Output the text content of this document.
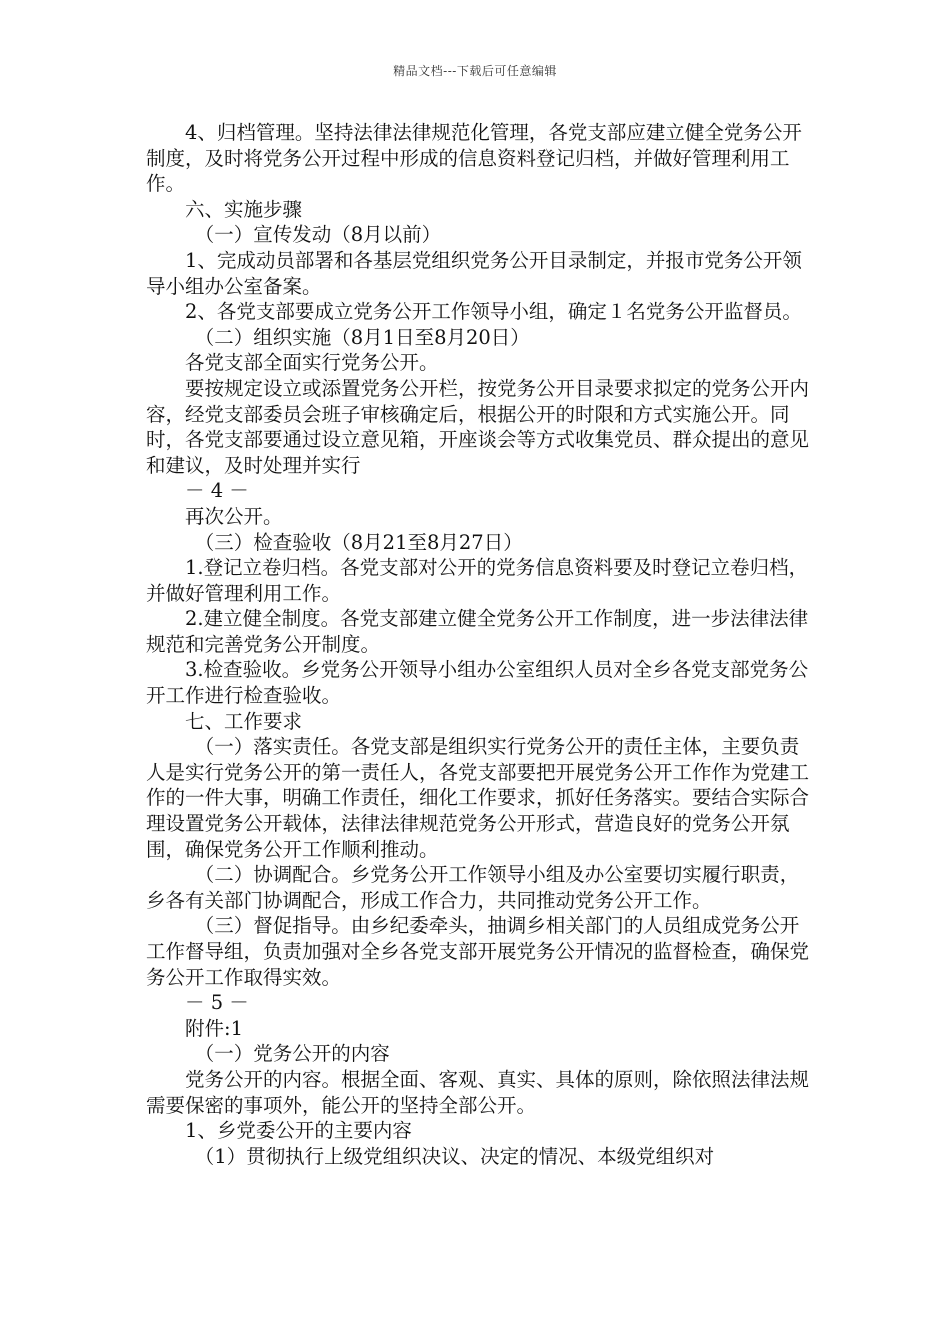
精品文档---下载后可任意编辑

4、归档管理。坚持法律法律规范化管理，各党支部应建立健全党务公开制度，及时将党务公开过程中形成的信息资料登记归档，并做好管理利用工作。

六、实施步骤

（一）宣传发动（8月以前）

1、完成动员部署和各基层党组织党务公开目录制定，并报市党务公开领导小组办公室备案。

2、各党支部要成立党务公开工作领导小组，确定１名党务公开监督员。

（二）组织实施（8月1日至8月20日）

各党支部全面实行党务公开。

要按规定设立或添置党务公开栏，按党务公开目录要求拟定的党务公开内容，经党支部委员会班子审核确定后，根据公开的时限和方式实施公开。同时，各党支部要通过设立意见箱，开座谈会等方式收集党员、群众提出的意见和建议，及时处理并实行

－ 4 －

再次公开。

（三）检查验收（8月21至8月27日）

1.登记立卷归档。各党支部对公开的党务信息资料要及时登记立卷归档，并做好管理利用工作。

2.建立健全制度。各党支部建立健全党务公开工作制度，进一步法律法律规范和完善党务公开制度。

3.检查验收。乡党务公开领导小组办公室组织人员对全乡各党支部党务公开工作进行检查验收。

七、工作要求

（一）落实责任。各党支部是组织实行党务公开的责任主体，主要负责人是实行党务公开的第一责任人，各党支部要把开展党务公开工作作为党建工作的一件大事，明确工作责任，细化工作要求，抓好任务落实。要结合实际合理设置党务公开载体，法律法律规范党务公开形式，营造良好的党务公开氛围，确保党务公开工作顺利推动。

（二）协调配合。乡党务公开工作领导小组及办公室要切实履行职责，乡各有关部门协调配合，形成工作合力，共同推动党务公开工作。

（三）督促指导。由乡纪委牵头，抽调乡相关部门的人员组成党务公开工作督导组，负责加强对全乡各党支部开展党务公开情况的监督检查，确保党务公开工作取得实效。

－ 5 －

附件:1

（一）党务公开的内容

党务公开的内容。根据全面、客观、真实、具体的原则，除依照法律法规需要保密的事项外，能公开的坚持全部公开。

1、乡党委公开的主要内容

（1）贯彻执行上级党组织决议、决定的情况、本级党组织对
